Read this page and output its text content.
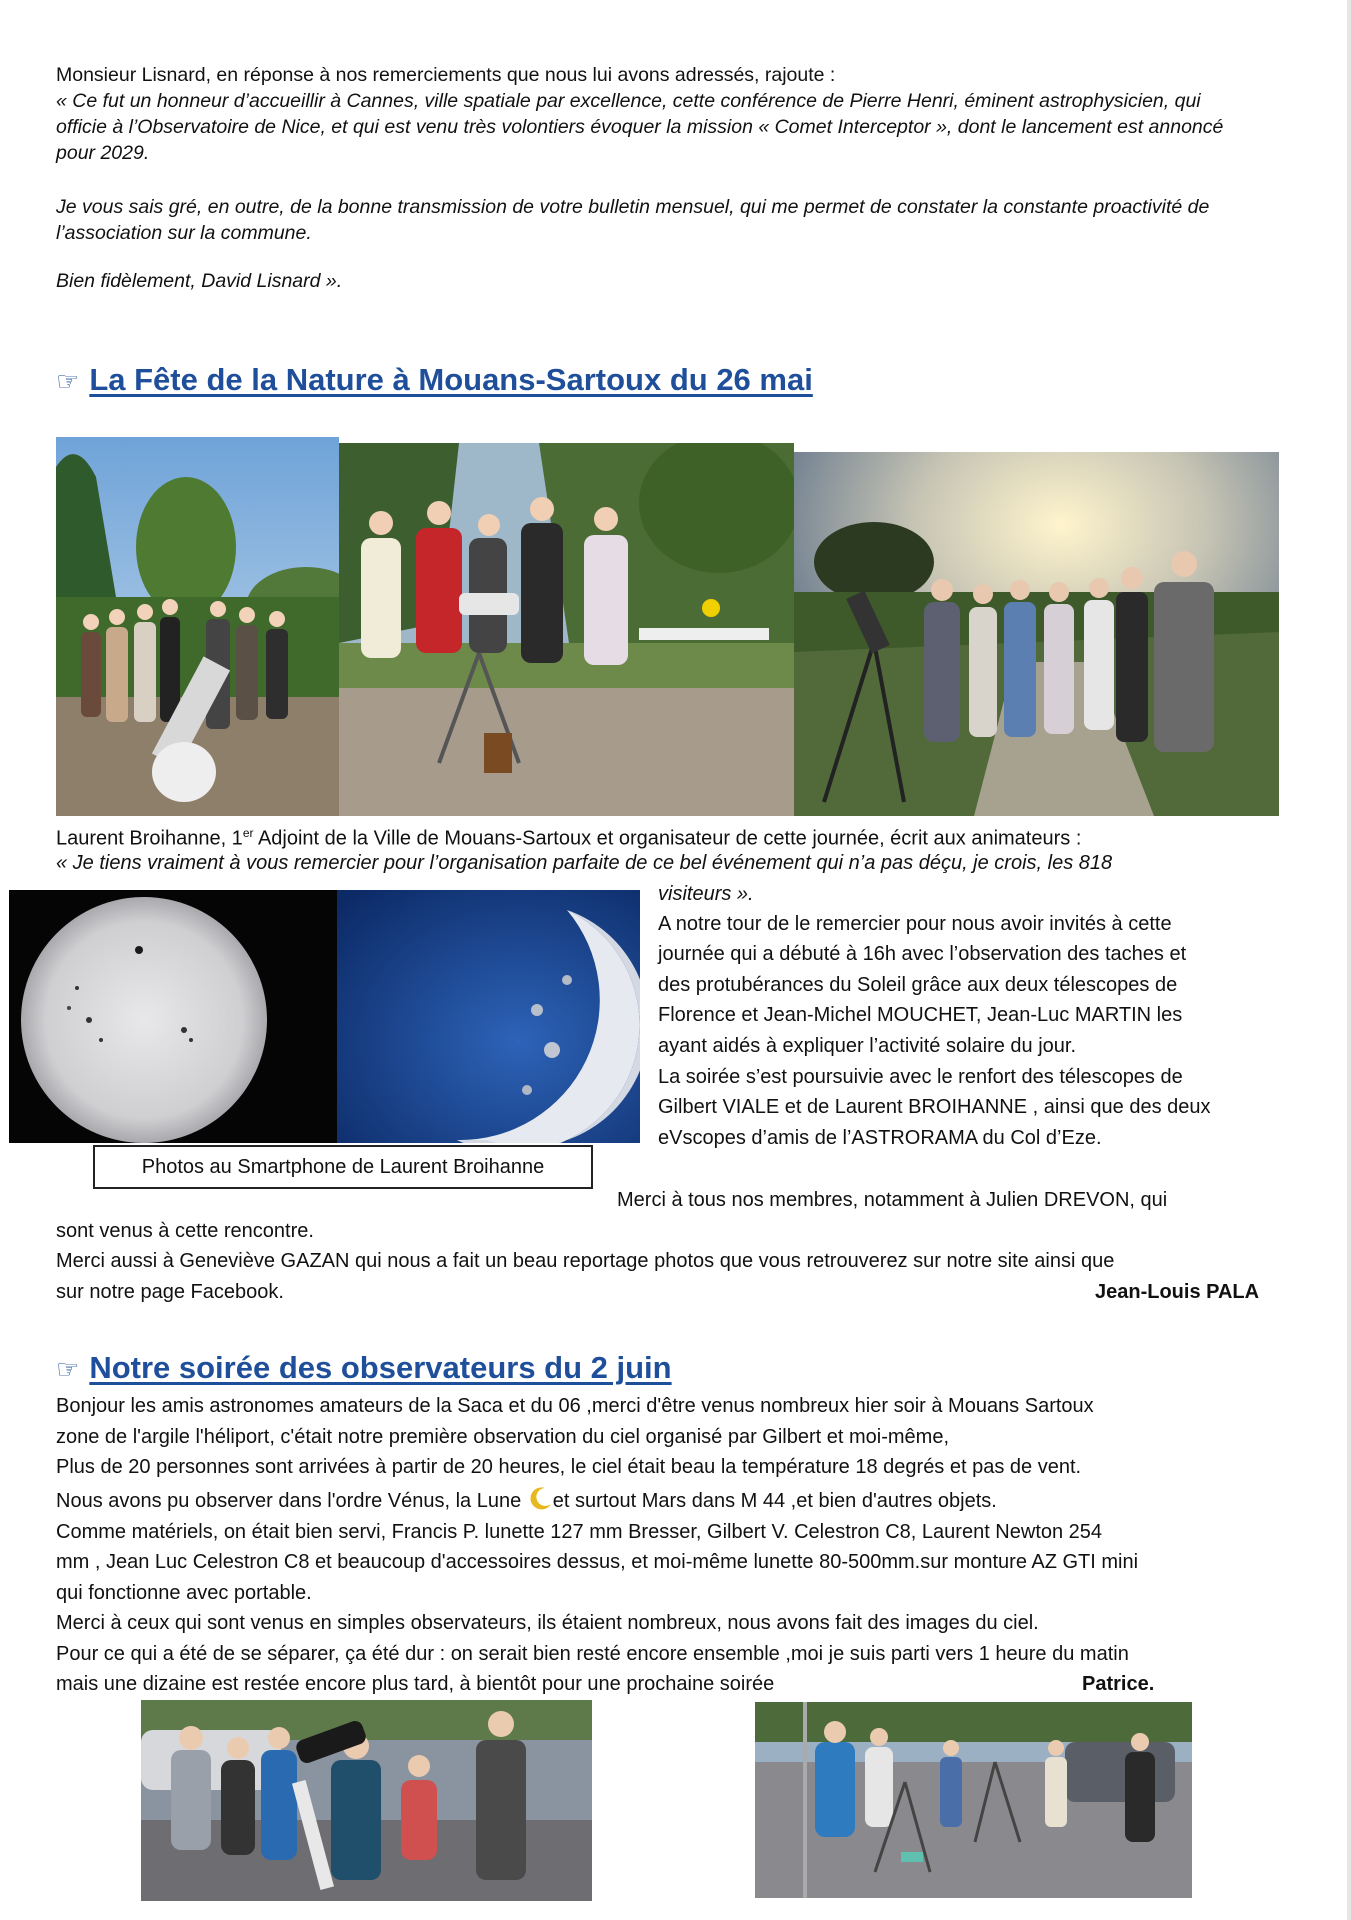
Monsieur Lisnard, en réponse à nos remerciements que nous lui avons adressés, rajoute :
« Ce fut un honneur d’accueillir à Cannes, ville spatiale par excellence, cette conférence de Pierre Henri, éminent astrophysicien, qui officie à l’Observatoire de Nice, et qui est venu très volontiers évoquer la mission « Comet Interceptor », dont le lancement est annoncé pour 2029.
Je vous sais gré, en outre, de la bonne transmission de votre bulletin mensuel, qui me permet de constater la constante proactivité de l’association sur la commune.
Bien fidèlement, David Lisnard ».
☞ La Fête de la Nature à Mouans-Sartoux du 26 mai
Laurent Broihanne, 1er Adjoint de la Ville de Mouans-Sartoux et organisateur de cette journée, écrit aux animateurs :
« Je tiens vraiment à vous remercier pour l’organisation parfaite de ce bel événement qui n’a pas déçu, je crois, les 818
visiteurs ».
Photos au Smartphone de Laurent Broihanne
A notre tour de le remercier pour nous avoir invités à cette
journée qui a débuté à 16h avec l’observation des taches et
des protubérances du Soleil grâce aux deux télescopes de
Florence et Jean-Michel MOUCHET, Jean-Luc MARTIN les
ayant aidés à expliquer l’activité solaire du jour.
La soirée s’est poursuivie avec le renfort des télescopes de
Gilbert VIALE et de Laurent BROIHANNE , ainsi que des deux
eVscopes d’amis de l’ASTRORAMA du Col d’Eze.
Merci à tous nos membres, notamment à Julien DREVON, qui
sont venus à cette rencontre.
Merci aussi à Geneviève GAZAN qui nous a fait un beau reportage photos que vous retrouverez sur notre site ainsi que
sur notre page Facebook.	Jean-Louis PALA
☞ Notre soirée des observateurs du 2 juin
Bonjour les amis astronomes amateurs de la Saca et du 06 ,merci d'être venus nombreux hier soir à Mouans Sartoux
zone de l'argile l'héliport, c'était notre première observation du ciel organisé par Gilbert et moi-même,
Plus de 20 personnes sont arrivées à partir de 20 heures, le ciel était beau la température 18 degrés et pas de vent.
Nous avons pu observer dans l'ordre Vénus, la Lune et surtout Mars dans M 44 ,et bien d'autres objets.
Comme matériels, on était bien servi, Francis P. lunette 127 mm Bresser, Gilbert V. Celestron C8, Laurent Newton 254
mm , Jean Luc Celestron C8 et beaucoup d'accessoires dessus, et moi-même lunette 80-500mm.sur monture AZ GTI mini
qui fonctionne avec portable.
Merci à ceux qui sont venus en simples observateurs, ils étaient nombreux, nous avons fait des images du ciel.
Pour ce qui a été de se séparer, ça été dur : on serait bien resté encore ensemble ,moi je suis parti vers 1 heure du matin
mais une dizaine est restée encore plus tard, à bientôt pour une prochaine soirée	Patrice.
